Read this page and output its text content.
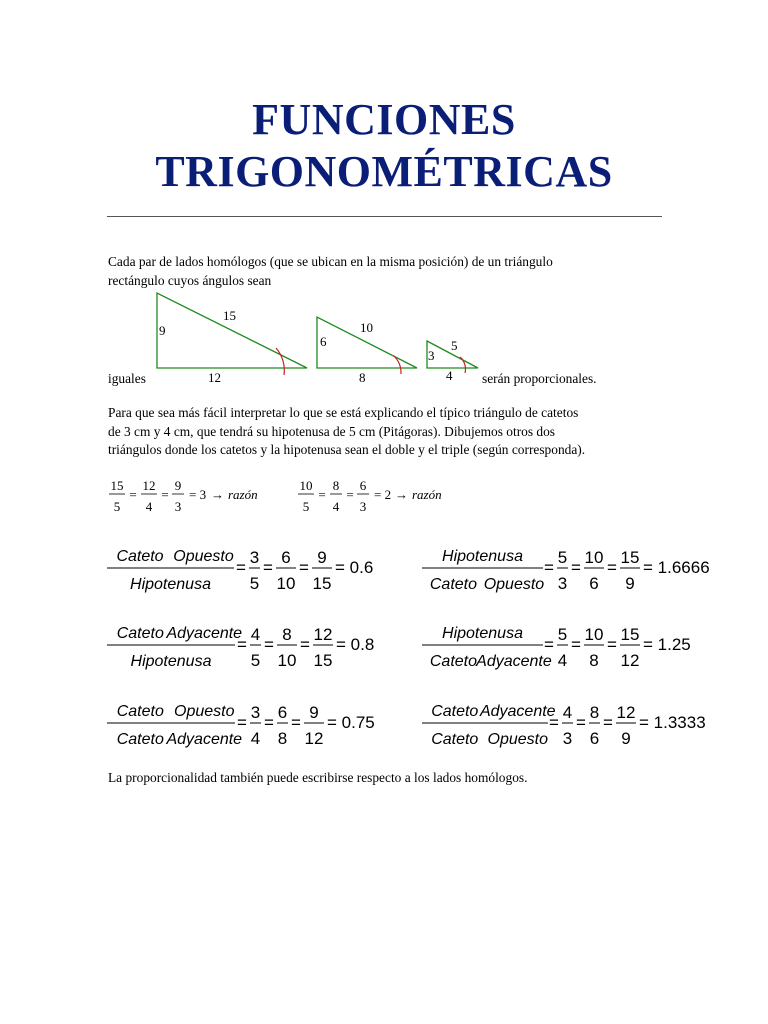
FUNCIONES
TRIGONOMÉTRICAS
Cada par de lados homólogos (que se ubican en la misma posición) de un triángulo
rectángulo cuyos ángulos sean
9
12
15
6
8
10
3
4
5
iguales	serán proporcionales.
Para que sea más fácil interpretar lo que se está explicando el típico triángulo de catetos
de 3 cm y 4 cm, que tendrá su hipotenusa de 5 cm (Pitágoras). Dibujemos otros dos
triángulos donde los catetos y la hipotenusa sean el doble y el triple (según corresponda).
15
5
=
12
4
=
9
3
= 3 → razón
10
5
=
8
4
=
6
3
= 2 → razón
Cateto Opuesto
Hipotenusa
=
3
5
=
6
10
=
9
15
= 0.6
Hipotenusa
Cateto Opuesto
=
5
3
=
10
6
=
15
9
= 1.6666
Cateto Adyacente
Hipotenusa
=
4
5
=
8
10
=
12
15
= 0.8
Hipotenusa
Cateto Adyacente
=
5
4
=
10
8
=
15
12
= 1.25
Cateto Opuesto
Cateto Adyacente
=
3
4
=
6
8
=
9
12
= 0.75
Cateto Adyacente
Cateto Opuesto
=
4
3
=
8
6
=
12
9
= 1.3333
La proporcionalidad también puede escribirse respecto a los lados homólogos.
